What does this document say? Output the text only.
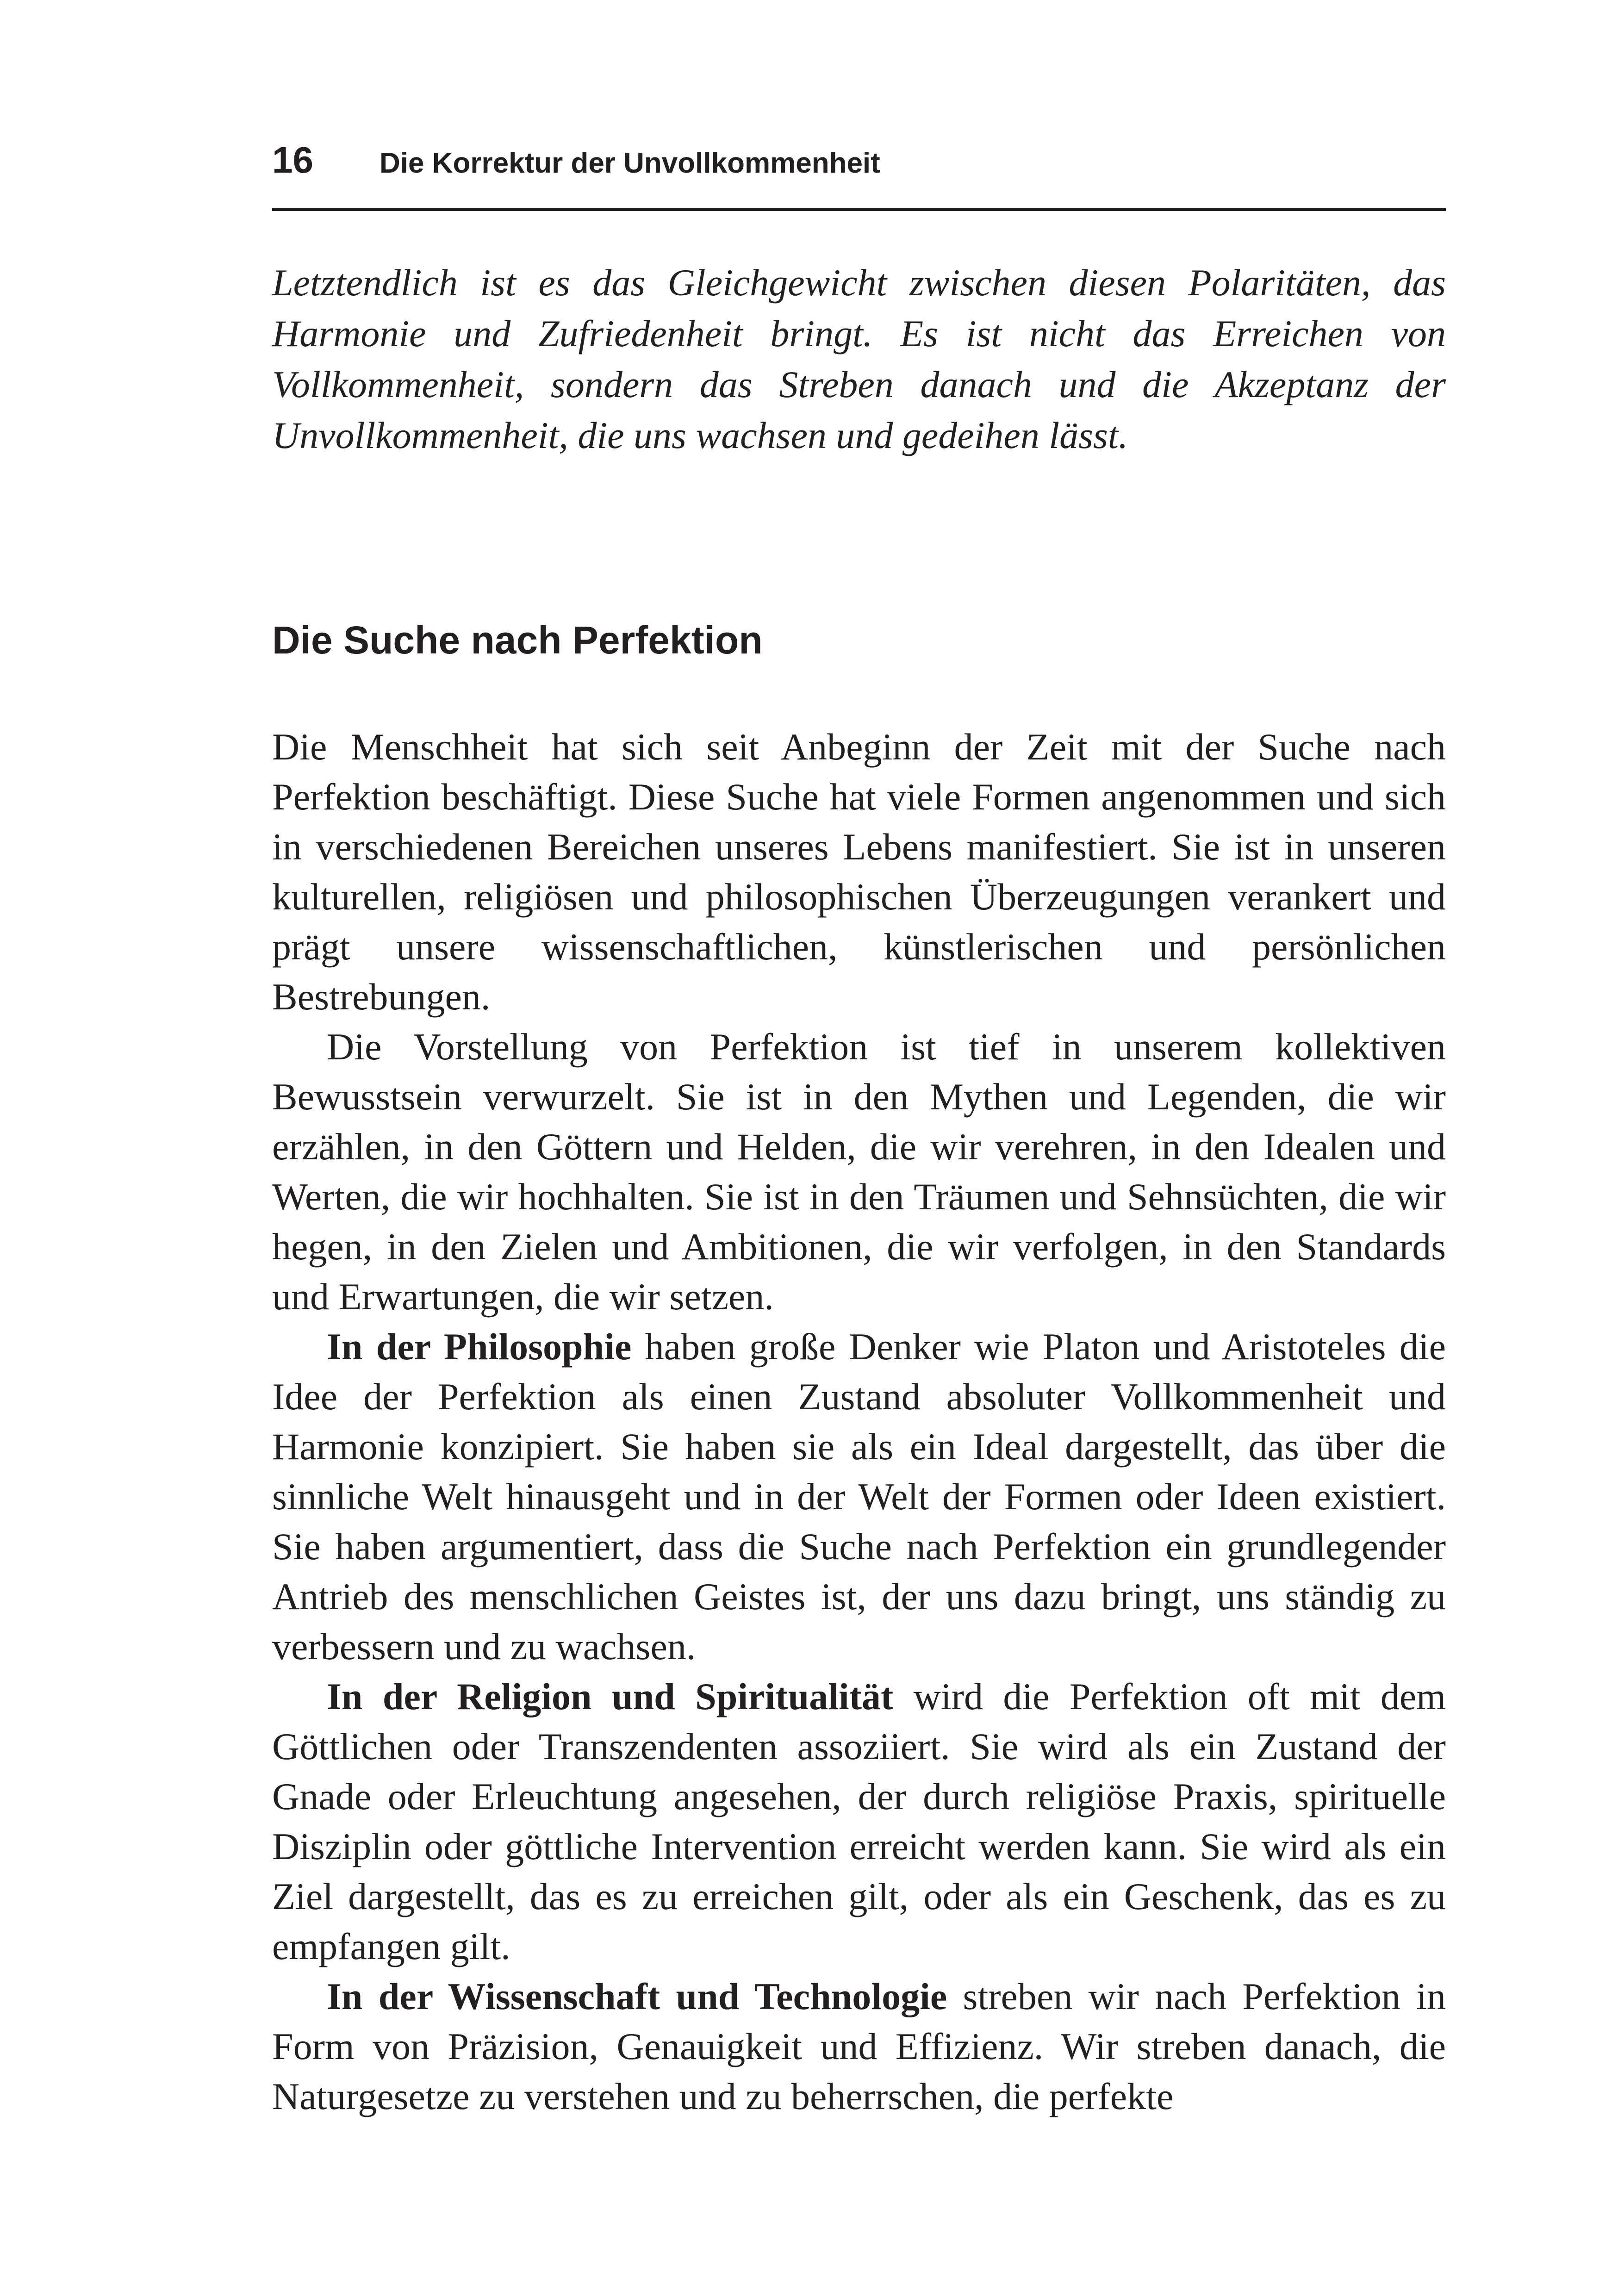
16	Die Korrektur der Unvollkommenheit

Letztendlich ist es das Gleichgewicht zwischen diesen Polaritäten, das Harmonie und Zufriedenheit bringt. Es ist nicht das Erreichen von Vollkommenheit, sondern das Streben danach und die Akzeptanz der Unvollkommenheit, die uns wachsen und gedeihen lässt.

Die Suche nach Perfektion

Die Menschheit hat sich seit Anbeginn der Zeit mit der Suche nach Perfektion beschäftigt. Diese Suche hat viele Formen angenommen und sich in verschiedenen Bereichen unseres Lebens manifestiert. Sie ist in unseren kulturellen, religiösen und philosophischen Überzeugungen verankert und prägt unsere wissenschaftlichen, künstlerischen und persönlichen Bestrebungen.

Die Vorstellung von Perfektion ist tief in unserem kollektiven Bewusstsein verwurzelt. Sie ist in den Mythen und Legenden, die wir erzählen, in den Göttern und Helden, die wir verehren, in den Idealen und Werten, die wir hochhalten. Sie ist in den Träumen und Sehnsüchten, die wir hegen, in den Zielen und Ambitionen, die wir verfolgen, in den Standards und Erwartungen, die wir setzen.

In der Philosophie haben große Denker wie Platon und Aristoteles die Idee der Perfektion als einen Zustand absoluter Vollkommenheit und Harmonie konzipiert. Sie haben sie als ein Ideal dargestellt, das über die sinnliche Welt hinausgeht und in der Welt der Formen oder Ideen existiert. Sie haben argumentiert, dass die Suche nach Perfektion ein grundlegender Antrieb des menschlichen Geistes ist, der uns dazu bringt, uns ständig zu verbessern und zu wachsen.

In der Religion und Spiritualität wird die Perfektion oft mit dem Göttlichen oder Transzendenten assoziiert. Sie wird als ein Zustand der Gnade oder Erleuchtung angesehen, der durch religiöse Praxis, spirituelle Disziplin oder göttliche Intervention erreicht werden kann. Sie wird als ein Ziel dargestellt, das es zu erreichen gilt, oder als ein Geschenk, das es zu empfangen gilt.

In der Wissenschaft und Technologie streben wir nach Perfektion in Form von Präzision, Genauigkeit und Effizienz. Wir streben danach, die Naturgesetze zu verstehen und zu beherrschen, die perfekte
